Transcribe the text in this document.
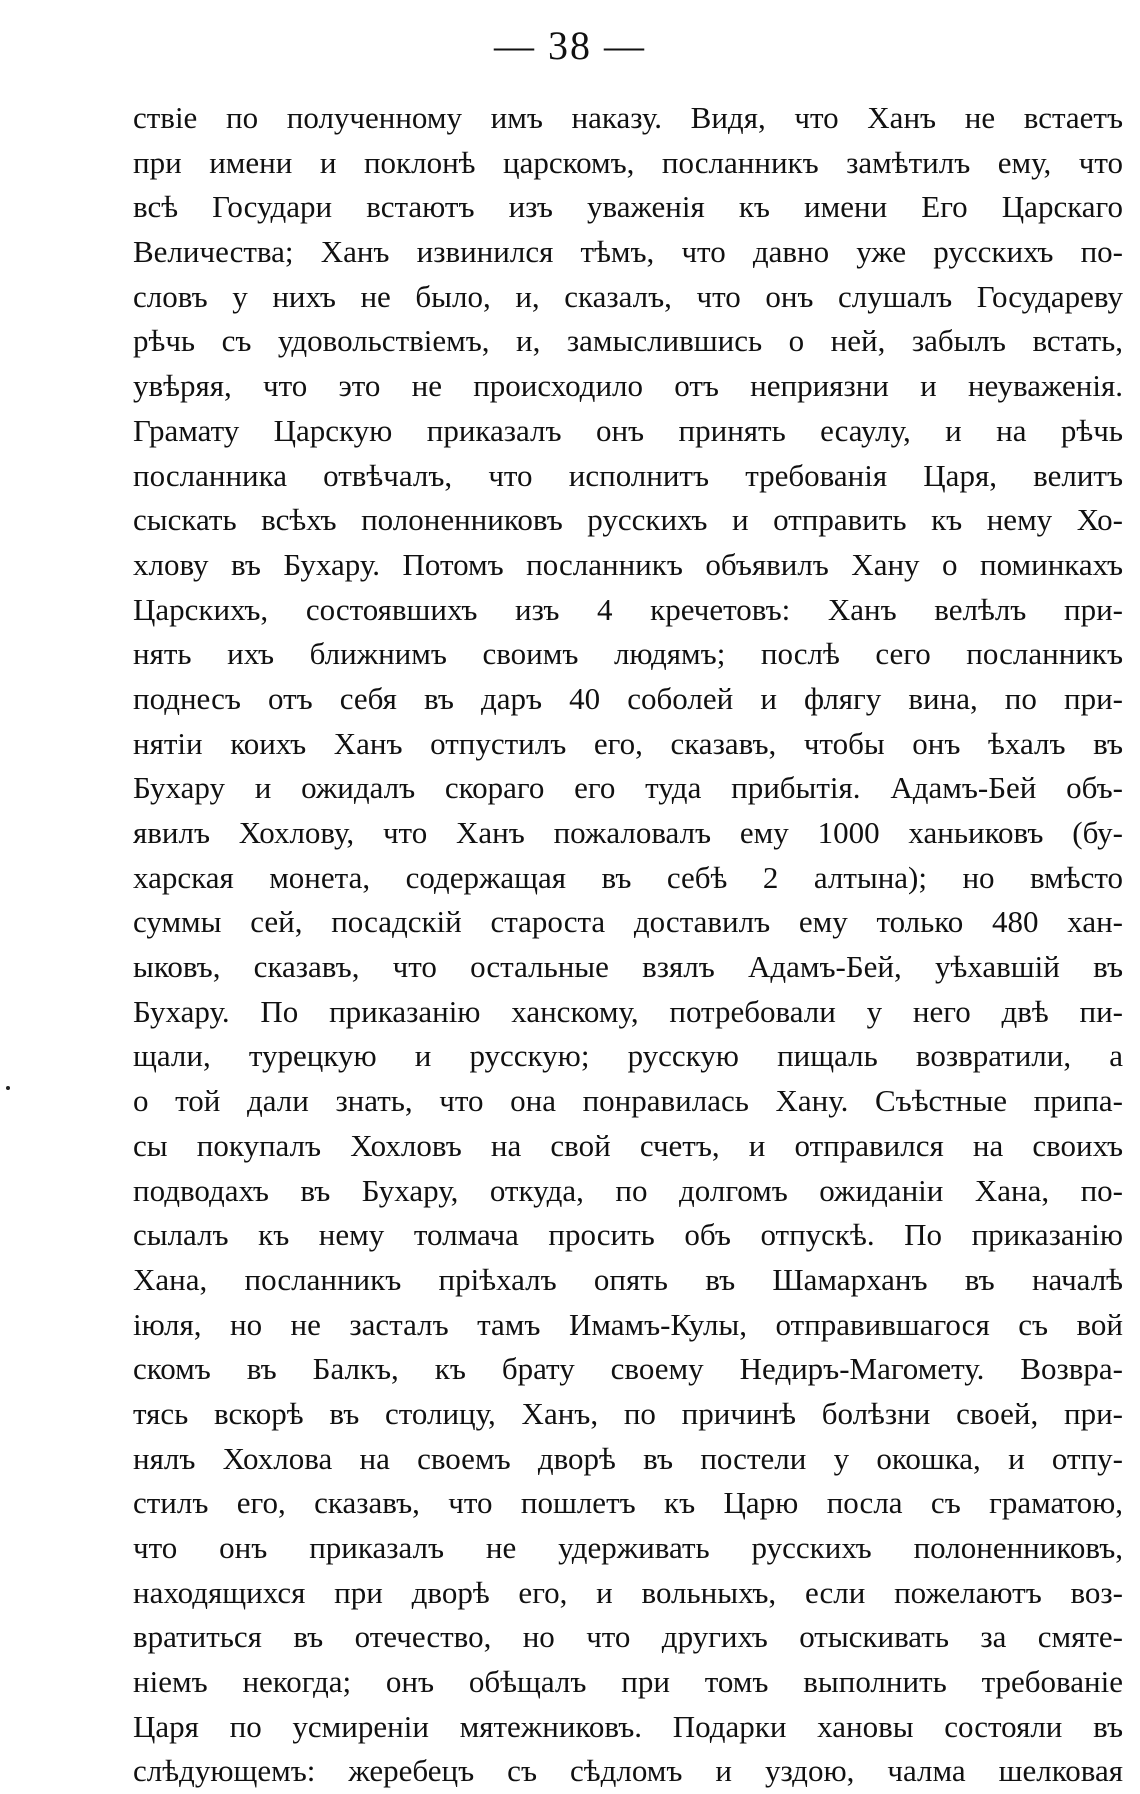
— 38 —
ствіе по полученному имъ наказу. Видя, что Ханъ не встаетъ
при имени и поклонѣ царскомъ, посланникъ замѣтилъ ему, что
всѣ Государи встаютъ изъ уваженія къ имени Его Царскаго
Величества; Ханъ извинился тѣмъ, что давно уже русскихъ по-
словъ у нихъ не было, и, сказалъ, что онъ слушалъ Государеву
рѣчь съ удовольствіемъ, и, замыслившись о ней, забылъ встать,
увѣряя, что это не происходило отъ неприязни и неуваженія.
Грамату Царскую приказалъ онъ принять есаулу, и на рѣчь
посланника отвѣчалъ, что исполнитъ требованія Царя, велитъ
сыскать всѣхъ полоненниковъ русскихъ и отправить къ нему Хо-
хлову въ Бухару. Потомъ посланникъ объявилъ Хану о поминкахъ
Царскихъ, состоявшихъ изъ 4 кречетовъ: Ханъ велѣлъ при-
нять ихъ ближнимъ своимъ людямъ; послѣ сего посланникъ
поднесъ отъ себя въ даръ 40 соболей и флягу вина, по при-
нятіи коихъ Ханъ отпустилъ его, сказавъ, чтобы онъ ѣхалъ въ
Бухару и ожидалъ скораго его туда прибытія. Адамъ-Бей объ-
явилъ Хохлову, что Ханъ пожаловалъ ему 1000 ханьиковъ (бу-
харская монета, содержащая въ себѣ 2 алтына); но вмѣсто
суммы сей, посадскій староста доставилъ ему только 480 хан-
ыковъ, сказавъ, что остальные взялъ Адамъ-Бей, уѣхавшій въ
Бухару. По приказанію ханскому, потребовали у него двѣ пи-
щали, турецкую и русскую; русскую пищаль возвратили, а
о той дали знать, что она понравилась Хану. Съѣстные припа-
сы покупалъ Хохловъ на свой счетъ, и отправился на своихъ
подводахъ въ Бухару, откуда, по долгомъ ожиданіи Хана, по-
сылалъ къ нему толмача просить объ отпускѣ. По приказанію
Хана, посланникъ пріѣхалъ опять въ Шамарханъ въ началѣ
іюля, но не засталъ тамъ Имамъ-Кулы, отправившагося съ вой
скомъ въ Балкъ, къ брату своему Недиръ-Магомету. Возвра-
тясь вскорѣ въ столицу, Ханъ, по причинѣ болѣзни своей, при-
нялъ Хохлова на своемъ дворѣ въ постели у окошка, и отпу-
стилъ его, сказавъ, что пошлетъ къ Царю посла съ граматою,
что онъ приказалъ не удерживать русскихъ полоненниковъ,
находящихся при дворѣ его, и вольныхъ, если пожелаютъ воз-
вратиться въ отечество, но что другихъ отыскивать за смяте-
ніемъ некогда; онъ обѣщалъ при томъ выполнить требованіе
Царя по усмиреніи мятежниковъ. Подарки хановы состояли въ
слѣдующемъ: жеребецъ съ сѣдломъ и уздою, чалма шелковая
